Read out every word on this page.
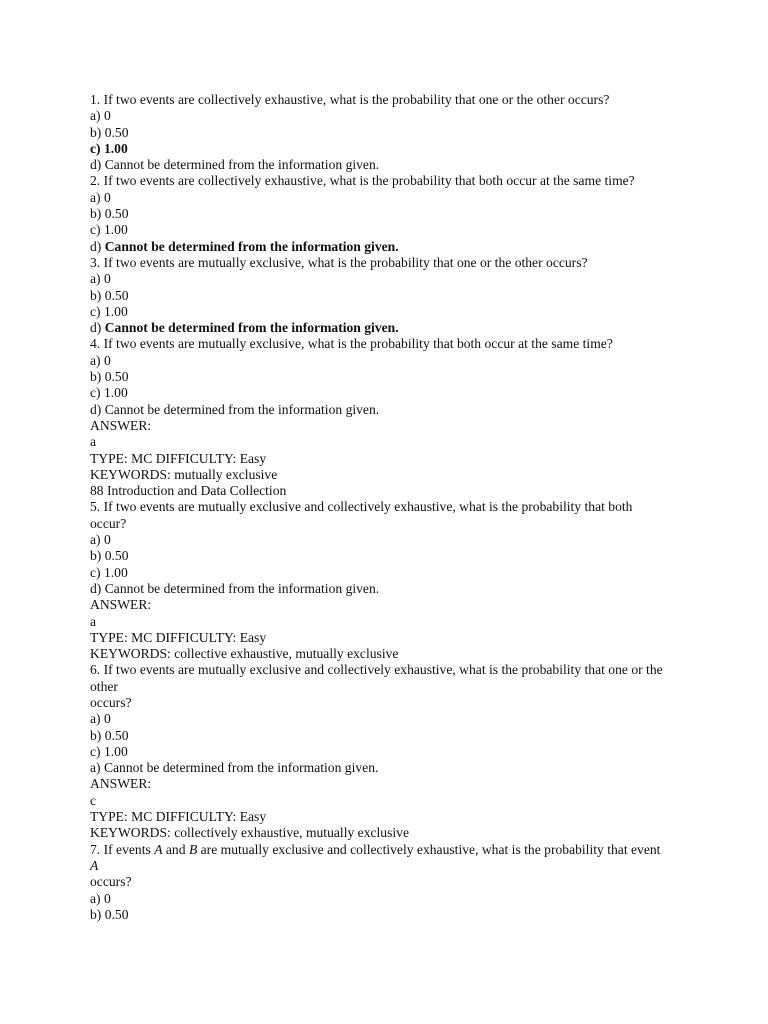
1. If two events are collectively exhaustive, what is the probability that one or the other occurs?
a) 0
b) 0.50
c) 1.00
d) Cannot be determined from the information given.
2. If two events are collectively exhaustive, what is the probability that both occur at the same time?
a) 0
b) 0.50
c) 1.00
d) Cannot be determined from the information given.
3. If two events are mutually exclusive, what is the probability that one or the other occurs?
a) 0
b) 0.50
c) 1.00
d) Cannot be determined from the information given.
4. If two events are mutually exclusive, what is the probability that both occur at the same time?
a) 0
b) 0.50
c) 1.00
d) Cannot be determined from the information given.
ANSWER:
a
TYPE: MC DIFFICULTY: Easy
KEYWORDS: mutually exclusive
88 Introduction and Data Collection
5. If two events are mutually exclusive and collectively exhaustive, what is the probability that both
occur?
a) 0
b) 0.50
c) 1.00
d) Cannot be determined from the information given.
ANSWER:
a
TYPE: MC DIFFICULTY: Easy
KEYWORDS: collective exhaustive, mutually exclusive
6. If two events are mutually exclusive and collectively exhaustive, what is the probability that one or the
other
occurs?
a) 0
b) 0.50
c) 1.00
a) Cannot be determined from the information given.
ANSWER:
c
TYPE: MC DIFFICULTY: Easy
KEYWORDS: collectively exhaustive, mutually exclusive
7. If events A and B are mutually exclusive and collectively exhaustive, what is the probability that event
A
occurs?
a) 0
b) 0.50
